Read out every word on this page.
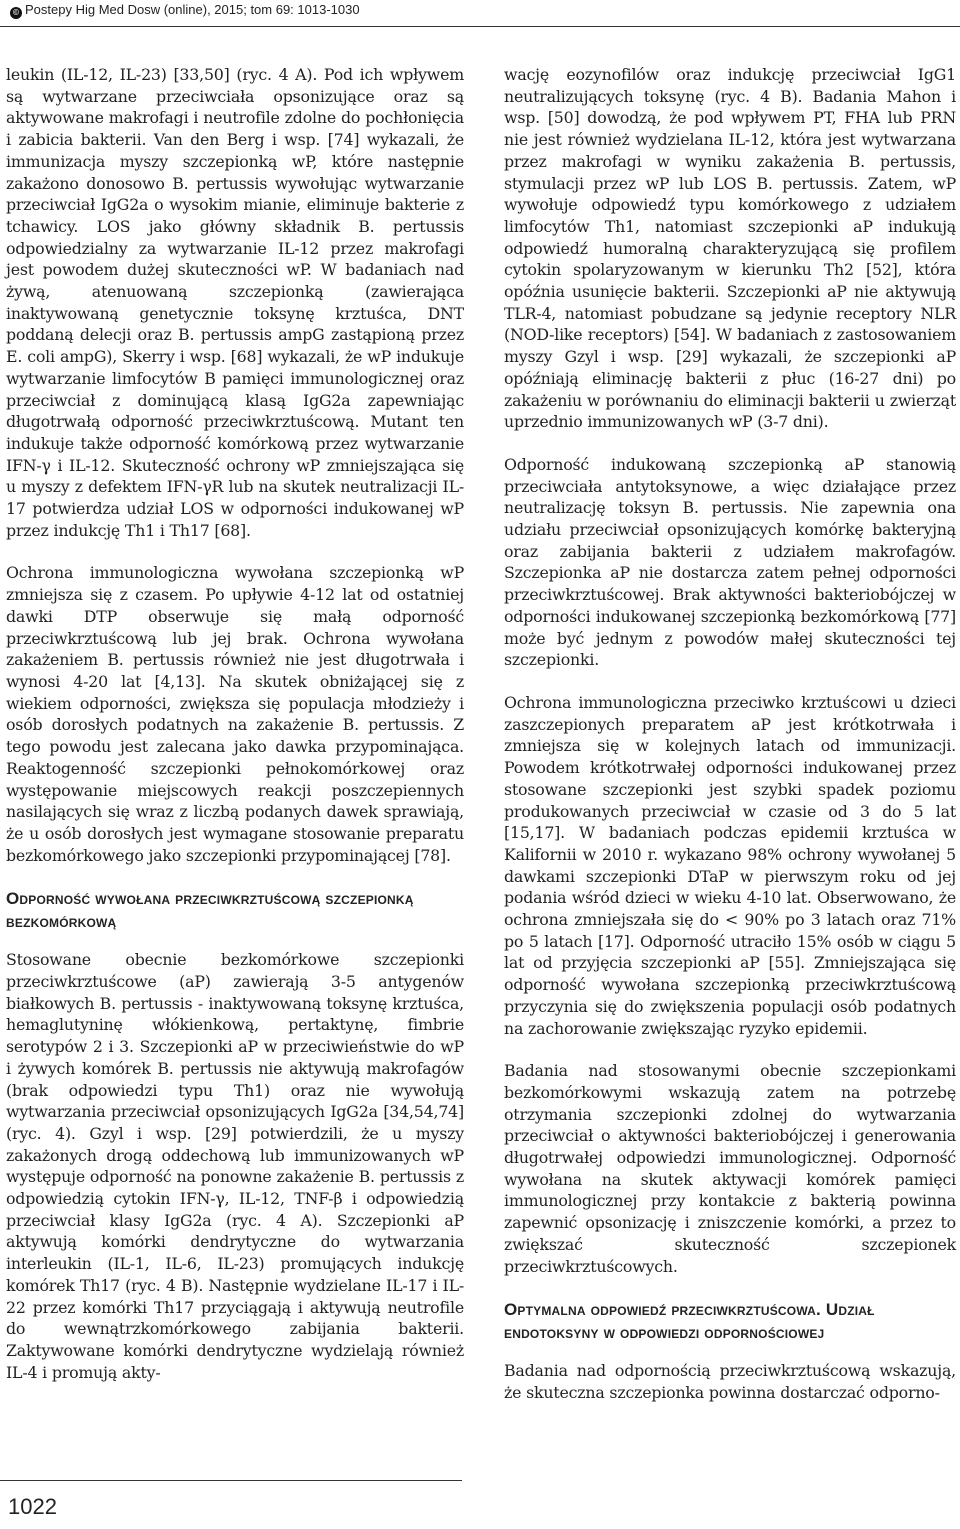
© Postepy Hig Med Dosw (online), 2015; tom 69: 1013-1030

leukin (IL-12, IL-23) [33,50] (ryc. 4 A). Pod ich wpływem są wytwarzane przeciwciała opsonizujące oraz są aktywowane makrofagi i neutrofile zdolne do pochłonięcia i zabicia bakterii. Van den Berg i wsp. [74] wykazali, że immunizacja myszy szczepionką wP, które następnie zakażono donosowo B. pertussis wywołując wytwarzanie przeciwciał IgG2a o wysokim mianie, eliminuje bakterie z tchawicy. LOS jako główny składnik B. pertussis odpowiedzialny za wytwarzanie IL-12 przez makrofagi jest powodem dużej skuteczności wP. W badaniach nad żywą, atenuowaną szczepionką (zawierająca inaktywowaną genetycznie toksynę krztuśca, DNT poddaną delecji oraz B. pertussis ampG zastąpioną przez E. coli ampG), Skerry i wsp. [68] wykazali, że wP indukuje wytwarzanie limfocytów B pamięci immunologicznej oraz przeciwciał z dominującą klasą IgG2a zapewniając długotrwałą odporność przeciwkrztuścową. Mutant ten indukuje także odporność komórkową przez wytwarzanie IFN-γ i IL-12. Skuteczność ochrony wP zmniejszająca się u myszy z defektem IFN-γR lub na skutek neutralizacji IL-17 potwierdza udział LOS w odporności indukowanej wP przez indukcję Th1 i Th17 [68].

Ochrona immunologiczna wywołana szczepionką wP zmniejsza się z czasem. Po upływie 4-12 lat od ostatniej dawki DTP obserwuje się małą odporność przeciwkrztuścową lub jej brak. Ochrona wywołana zakażeniem B. pertussis również nie jest długotrwała i wynosi 4-20 lat [4,13]. Na skutek obniżającej się z wiekiem odporności, zwiększa się populacja młodzieży i osób dorosłych podatnych na zakażenie B. pertussis. Z tego powodu jest zalecana jako dawka przypominająca. Reaktogenność szczepionki pełnokomórkowej oraz występowanie miejscowych reakcji poszczepiennych nasilających się wraz z liczbą podanych dawek sprawiają, że u osób dorosłych jest wymagane stosowanie preparatu bezkomórkowego jako szczepionki przypominającej [78].

Odporność wywołana przeciwkrztuścową szczepionką bezkomórkową

Stosowane obecnie bezkomórkowe szczepionki przeciwkrztuścowe (aP) zawierają 3-5 antygenów białkowych B. pertussis - inaktywowaną toksynę krztuśca, hemaglutyninę włókienkową, pertaktynę, fimbrie serotypów 2 i 3. Szczepionki aP w przeciwieństwie do wP i żywych komórek B. pertussis nie aktywują makrofagów (brak odpowiedzi typu Th1) oraz nie wywołują wytwarzania przeciwciał opsonizujących IgG2a [34,54,74] (ryc. 4). Gzyl i wsp. [29] potwierdzili, że u myszy zakażonych drogą oddechową lub immunizowanych wP występuje odporność na ponowne zakażenie B. pertussis z odpowiedzią cytokin IFN-γ, IL-12, TNF-β i odpowiedzią przeciwciał klasy IgG2a (ryc. 4 A). Szczepionki aP aktywują komórki dendrytyczne do wytwarzania interleukin (IL-1, IL-6, IL-23) promujących indukcję komórek Th17 (ryc. 4 B). Następnie wydzielane IL-17 i IL-22 przez komórki Th17 przyciągają i aktywują neutrofile do wewnątrzkomórkowego zabijania bakterii. Zaktywowane komórki dendrytyczne wydzielają również IL-4 i promują akty-

wację eozynofilów oraz indukcję przeciwciał IgG1 neutralizujących toksynę (ryc. 4 B). Badania Mahon i wsp. [50] dowodzą, że pod wpływem PT, FHA lub PRN nie jest również wydzielana IL-12, która jest wytwarzana przez makrofagi w wyniku zakażenia B. pertussis, stymulacji przez wP lub LOS B. pertussis. Zatem, wP wywołuje odpowiedź typu komórkowego z udziałem limfocytów Th1, natomiast szczepionki aP indukują odpowiedź humoralną charakteryzującą się profilem cytokin spolaryzowanym w kierunku Th2 [52], która opóźnia usunięcie bakterii. Szczepionki aP nie aktywują TLR-4, natomiast pobudzane są jedynie receptory NLR (NOD-like receptors) [54]. W badaniach z zastosowaniem myszy Gzyl i wsp. [29] wykazali, że szczepionki aP opóźniają eliminację bakterii z płuc (16-27 dni) po zakażeniu w porównaniu do eliminacji bakterii u zwierząt uprzednio immunizowanych wP (3-7 dni).

Odporność indukowaną szczepionką aP stanowią przeciwciała antytoksynowe, a więc działające przez neutralizację toksyn B. pertussis. Nie zapewnia ona udziału przeciwciał opsonizujących komórkę bakteryjną oraz zabijania bakterii z udziałem makrofagów. Szczepionka aP nie dostarcza zatem pełnej odporności przeciwkrztuścowej. Brak aktywności bakteriobójczej w odporności indukowanej szczepionką bezkomórkową [77] może być jednym z powodów małej skuteczności tej szczepionki.

Ochrona immunologiczna przeciwko krztuścowi u dzieci zaszczepionych preparatem aP jest krótkotrwała i zmniejsza się w kolejnych latach od immunizacji. Powodem krótkotrwałej odporności indukowanej przez stosowane szczepionki jest szybki spadek poziomu produkowanych przeciwciał w czasie od 3 do 5 lat [15,17]. W badaniach podczas epidemii krztuśca w Kalifornii w 2010 r. wykazano 98% ochrony wywołanej 5 dawkami szczepionki DTaP w pierwszym roku od jej podania wśród dzieci w wieku 4-10 lat. Obserwowano, że ochrona zmniejszała się do < 90% po 3 latach oraz 71% po 5 latach [17]. Odporność utraciło 15% osób w ciągu 5 lat od przyjęcia szczepionki aP [55]. Zmniejszająca się odporność wywołana szczepionką przeciwkrztuścową przyczynia się do zwiększenia populacji osób podatnych na zachorowanie zwiększając ryzyko epidemii.

Badania nad stosowanymi obecnie szczepionkami bezkomórkowymi wskazują zatem na potrzebę otrzymania szczepionki zdolnej do wytwarzania przeciwciał o aktywności bakteriobójczej i generowania długotrwałej odpowiedzi immunologicznej. Odporność wywołana na skutek aktywacji komórek pamięci immunologicznej przy kontakcie z bakterią powinna zapewnić opsonizację i zniszczenie komórki, a przez to zwiększać skuteczność szczepionek przeciwkrztuścowych.

Optymalna odpowiedź przeciwkrztuścowa. Udział endotoksyny w odpowiedzi odpornościowej

Badania nad odpornością przeciwkrztuścową wskazują, że skuteczna szczepionka powinna dostarczać odporno-

1022
